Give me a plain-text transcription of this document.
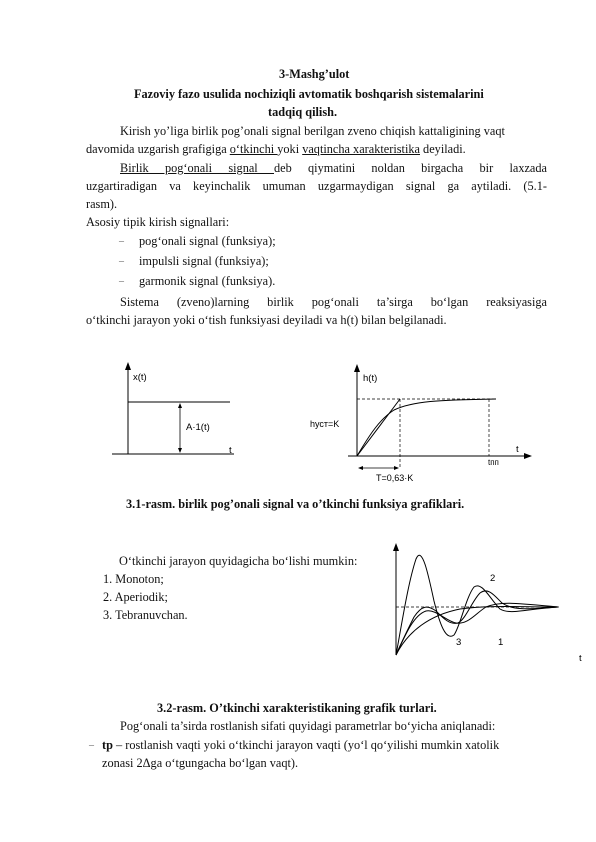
3-Mashg’ulot
Fazoviy fazo usulida nochiziqli avtomatik boshqarish sistemalarini
tadqiq qilish.
Kirish yo’liga birlik pog’onali signal berilgan zveno chiqish kattaligining vaqt
davomida uzgarish grafigiga o‘tkinchi yoki vaqtincha xarakteristika deyiladi.
Birlik pog‘onali signal deb qiymatini noldan birgacha bir laxzada
uzgartiradigan va keyinchalik umuman uzgarmaydigan signal ga aytiladi. (5.1-
rasm).
Asosiy tipik kirish signallari:
– pog‘onali signal (funksiya);
– impulsli signal (funksiya);
– garmonik signal (funksiya).
Sistema (zveno)larning birlik pog‘onali ta’sirga bo‘lgan reaksiyasiga
o‘tkinchi jarayon yoki o‘tish funksiyasi deyiladi va h(t) bilan belgilanadi.
x(t)
A·1(t)
t
h(t)
hуст=K
t
tпп
T=0,63·K
3.1-rasm. birlik pog’onali signal va o’tkinchi funksiya grafiklari.
O‘tkinchi jarayon quyidagicha bo‘lishi mumkin:
1. Monoton;
2. Aperiodik;
3. Tebranuvchan.
2
1
3
t
3.2-rasm. O’tkinchi xarakteristikaning grafik turlari.
Pog‘onali ta’sirda rostlanish sifati quyidagi parametrlar bo‘yicha aniqlanadi:
– tp – rostlanish vaqti yoki o‘tkinchi jarayon vaqti (yo‘l qo‘yilishi mumkin xatolik
zonasi 2Δga o‘tgungacha bo‘lgan vaqt).
